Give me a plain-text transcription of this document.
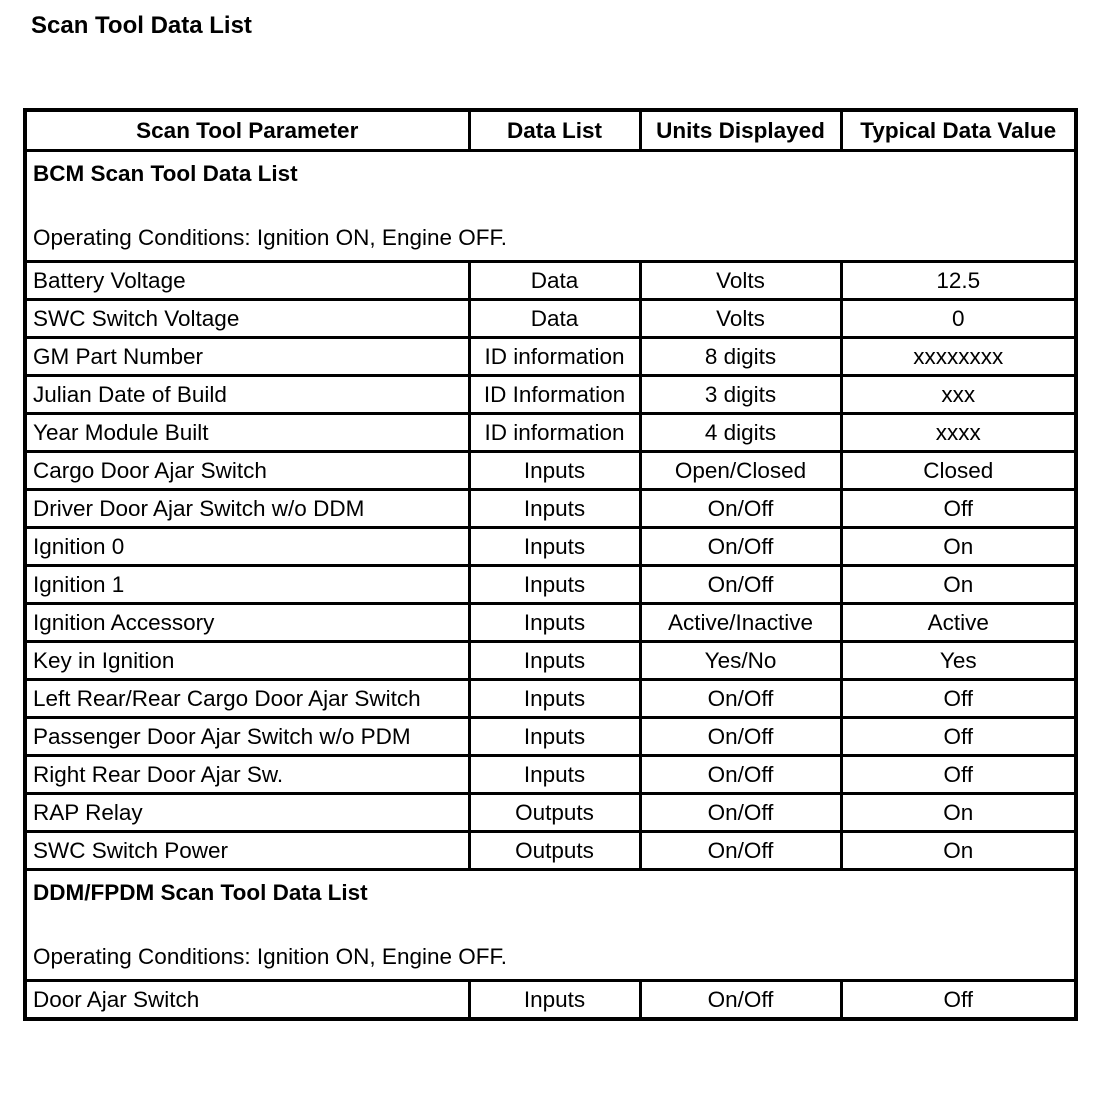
Scan Tool Data List
Scan Tool Parameter	Data List	Units Displayed	Typical Data Value

BCM Scan Tool Data List
Operating Conditions: Ignition ON, Engine OFF.			

Battery Voltage	Data	Volts	12.5
SWC Switch Voltage	Data	Volts	0
GM Part Number	ID information	8 digits	xxxxxxxx
Julian Date of Build	ID Information	3 digits	xxx
Year Module Built	ID information	4 digits	xxxx
Cargo Door Ajar Switch	Inputs	Open/Closed	Closed
Driver Door Ajar Switch w/o DDM	Inputs	On/Off	Off
Ignition 0	Inputs	On/Off	On
Ignition 1	Inputs	On/Off	On
Ignition Accessory	Inputs	Active/Inactive	Active
Key in Ignition	Inputs	Yes/No	Yes
Left Rear/Rear Cargo Door Ajar Switch	Inputs	On/Off	Off
Passenger Door Ajar Switch w/o PDM	Inputs	On/Off	Off
Right Rear Door Ajar Sw.	Inputs	On/Off	Off
RAP Relay	Outputs	On/Off	On
SWC Switch Power	Outputs	On/Off	On

DDM/FPDM Scan Tool Data List
Operating Conditions: Ignition ON, Engine OFF.			

Door Ajar Switch	Inputs	On/Off	Off
